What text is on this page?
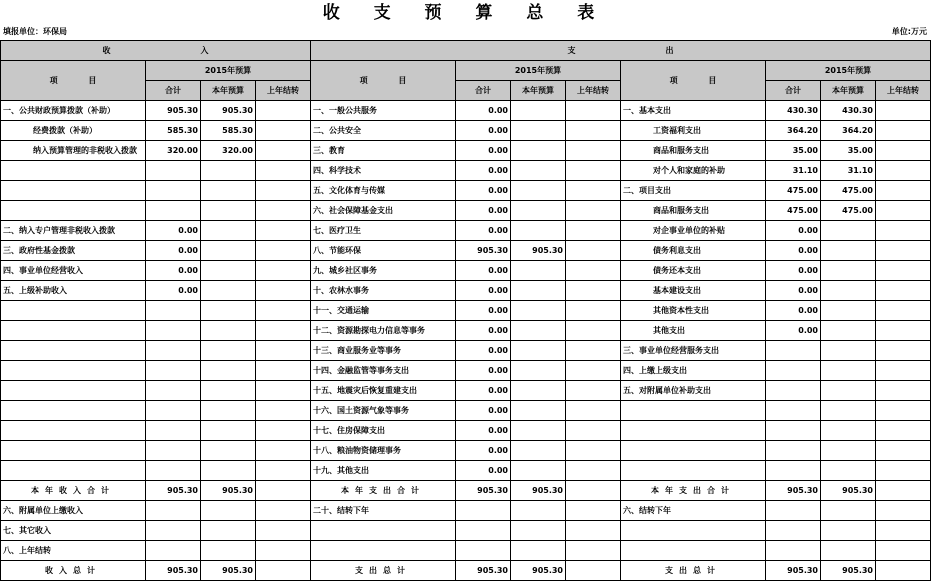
收 支 预 算 总 表
填报单位：环保局	单位:万元
收 入				支 出							
项 目	2015年预算			项 目	2015年预算			项 目	2015年预算		
	合计	本年预算	上年结转		合计	本年预算	上年结转		合计	本年预算	上年结转
一、公共财政预算拨款（补助）	905.30	905.30		一、一般公共服务	0.00			一、基本支出	430.30	430.30	
经费拨款（补助）	585.30	585.30		二、公共安全	0.00			工资福利支出	364.20	364.20	
纳入预算管理的非税收入拨款	320.00	320.00		三、教育	0.00			商品和服务支出	35.00	35.00	
				四、科学技术	0.00			对个人和家庭的补助	31.10	31.10	
				五、文化体育与传媒	0.00			二、项目支出	475.00	475.00	
				六、社会保障基金支出	0.00			商品和服务支出	475.00	475.00	
二、纳入专户管理非税收入拨款	0.00			七、医疗卫生	0.00			对企事业单位的补贴	0.00		
三、政府性基金拨款	0.00			八、节能环保	905.30	905.30		债务利息支出	0.00		
四、事业单位经营收入	0.00			九、城乡社区事务	0.00			债务还本支出	0.00		
五、上级补助收入	0.00			十、农林水事务	0.00			基本建设支出	0.00		
				十一、交通运输	0.00			其他资本性支出	0.00		
				十二、资源勘探电力信息等事务	0.00			其他支出	0.00		
				十三、商业服务业等事务	0.00			三、事业单位经营服务支出			
				十四、金融监管等事务支出	0.00			四、上缴上级支出			
				十五、地震灾后恢复重建支出	0.00			五、对附属单位补助支出			
				十六、国土资源气象等事务	0.00						
				十七、住房保障支出	0.00						
				十八、粮油物资储理事务	0.00						
				十九、其他支出	0.00						
本年收入合计	905.30	905.30		本年支出合计	905.30	905.30		本年支出合计	905.30	905.30	
六、附属单位上缴收入				二十、结转下年				六、结转下年			
七、其它收入											
八、上年结转											
收入总计	905.30	905.30		支出总计	905.30	905.30		支出总计	905.30	905.30	
